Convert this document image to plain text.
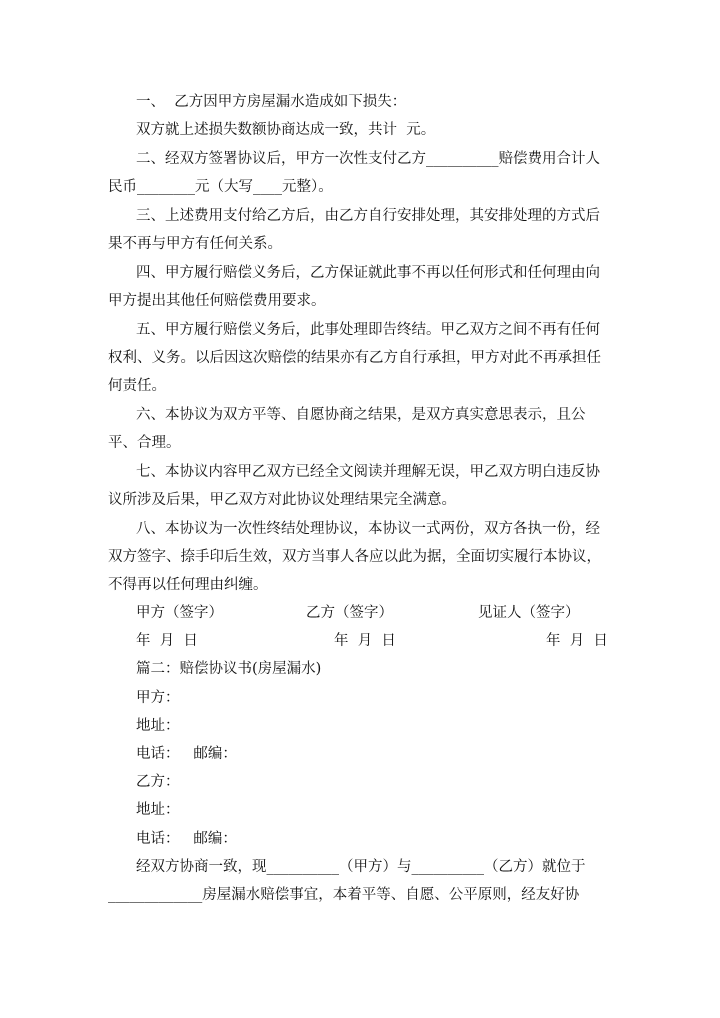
一、  乙方因甲方房屋漏水造成如下损失：
双方就上述损失数额协商达成一致，共计  元。
二、经双方签署协议后，甲方一次性支付乙方__________赔偿费用合计人
民币________元（大写____元整）。
三、上述费用支付给乙方后，由乙方自行安排处理，其安排处理的方式后
果不再与甲方有任何关系。
四、甲方履行赔偿义务后，乙方保证就此事不再以任何形式和任何理由向
甲方提出其他任何赔偿费用要求。
五、甲方履行赔偿义务后，此事处理即告终结。甲乙双方之间不再有任何
权利、义务。以后因这次赔偿的结果亦有乙方自行承担，甲方对此不再承担任
何责任。
六、本协议为双方平等、自愿协商之结果，是双方真实意思表示，且公
平、合理。
七、本协议内容甲乙双方已经全文阅读并理解无误，甲乙双方明白违反协
议所涉及后果，甲乙双方对此协议处理结果完全满意。
八、本协议为一次性终结处理协议，本协议一式两份，双方各执一份，经
双方签字、捺手印后生效，双方当事人各应以此为据，全面切实履行本协议，
不得再以任何理由纠缠。
甲方（签字）	乙方（签字）	见证人（签字）
年  月  日	年  月  日	年  月  日
篇二：赔偿协议书(房屋漏水)
甲方：
地址：
电话：   邮编：
乙方：
地址：
电话：   邮编：
经双方协商一致，现__________（甲方）与__________（乙方）就位于
_____________房屋漏水赔偿事宜，本着平等、自愿、公平原则，经友好协
